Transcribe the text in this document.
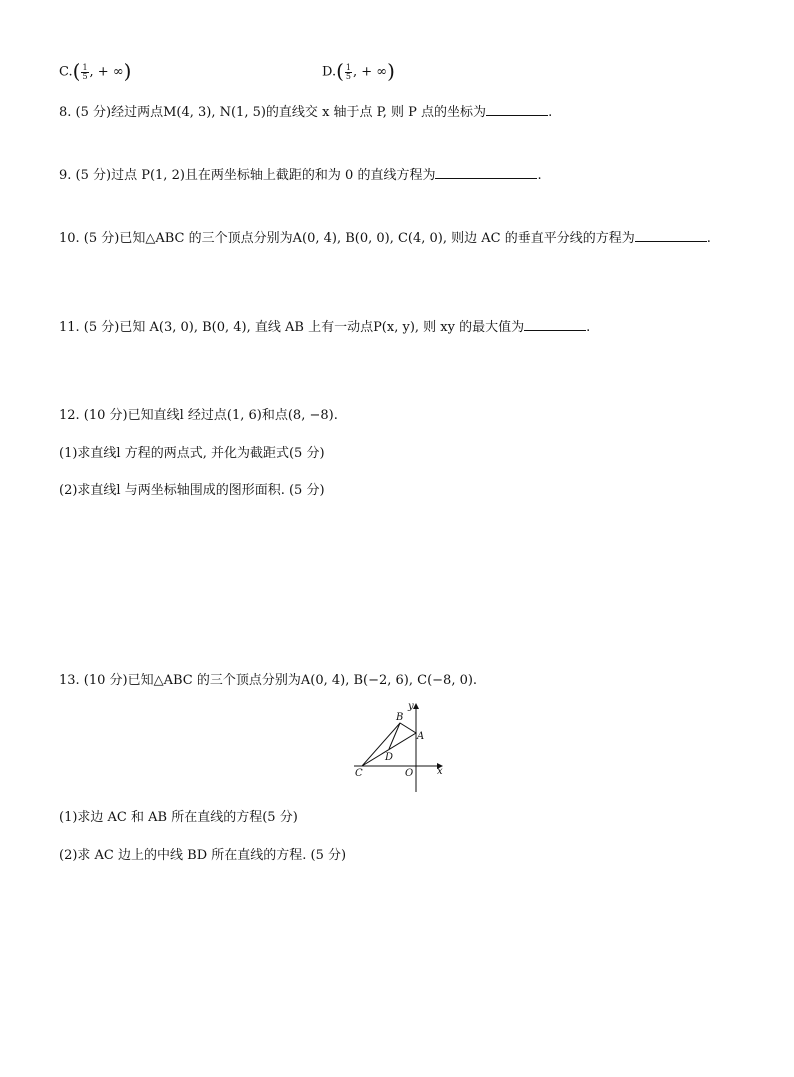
$C.( \frac{1}{5}$ , + ∞)	$D.( \frac{1}{5}$ , + ∞)
8. (5 分)经过两点M(4, 3), N(1, 5)的直线交 x 轴于点 P, 则 P 点的坐标为	.
9. (5 分)过点 P(1, 2)且在两坐标轴上截距的和为 0 的直线方程为	.
10. (5 分)已知△ABC 的三个顶点分别为A(0, 4), B(0, 0), C(4, 0), 则边 AC 的垂直平分线的方程为	.
11. (5 分)已知 A(3, 0), B(0, 4), 直线 AB 上有一动点P(x, y), 则 xy 的最大值为	.
12. (10 分)已知直线l 经过点(1, 6)和点(8, −8).
(1)求直线l 方程的两点式, 并化为截距式(5 分)
(2)求直线l 与两坐标轴围成的图形面积. (5 分)
13. (10 分)已知△ABC 的三个顶点分别为A(0, 4), B(−2, 6), C(−8, 0).
y
x
B
A
D
C	O
(1)求边 AC 和 AB 所在直线的方程(5 分)
(2)求 AC 边上的中线 BD 所在直线的方程. (5 分)
